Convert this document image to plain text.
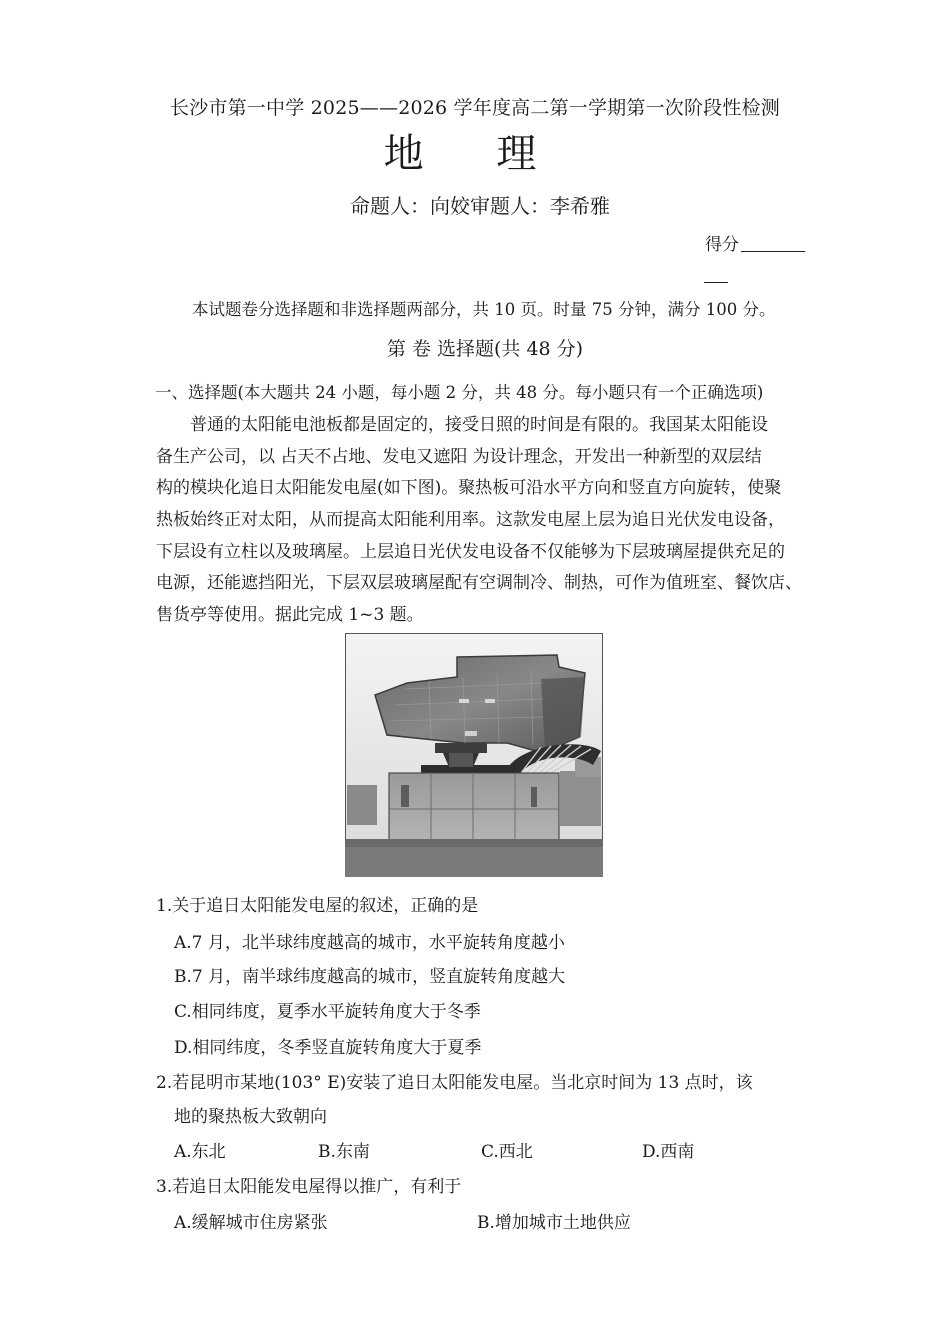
长沙市第一中学 2025——2026 学年度高二第一学期第一次阶段性检测
地 理
命题人：向姣审题人：李希雅
得分
本试题卷分选择题和非选择题两部分，共 10 页。时量 75 分钟，满分 100 分。
第 卷 选择题(共 48 分)
一、选择题(本大题共 24 小题，每小题 2 分，共 48 分。每小题只有一个正确选项)
普通的太阳能电池板都是固定的，接受日照的时间是有限的。我国某太阳能设
备生产公司，以 占天不占地、发电又遮阳 为设计理念，开发出一种新型的双层结
构的模块化追日太阳能发电屋(如下图)。聚热板可沿水平方向和竖直方向旋转，使聚
热板始终正对太阳，从而提高太阳能利用率。这款发电屋上层为追日光伏发电设备，
下层设有立柱以及玻璃屋。上层追日光伏发电设备不仅能够为下层玻璃屋提供充足的
电源，还能遮挡阳光，下层双层玻璃屋配有空调制冷、制热，可作为值班室、餐饮店、
售货亭等使用。据此完成 1~3 题。
1.关于追日太阳能发电屋的叙述，正确的是
A.7 月，北半球纬度越高的城市，水平旋转角度越小
B.7 月，南半球纬度越高的城市，竖直旋转角度越大
C.相同纬度，夏季水平旋转角度大于冬季
D.相同纬度，冬季竖直旋转角度大于夏季
2.若昆明市某地(103° E)安装了追日太阳能发电屋。当北京时间为 13 点时，该
地的聚热板大致朝向
A.东北	B.东南	C.西北	D.西南
3.若追日太阳能发电屋得以推广，有利于
A.缓解城市住房紧张	B.增加城市土地供应
